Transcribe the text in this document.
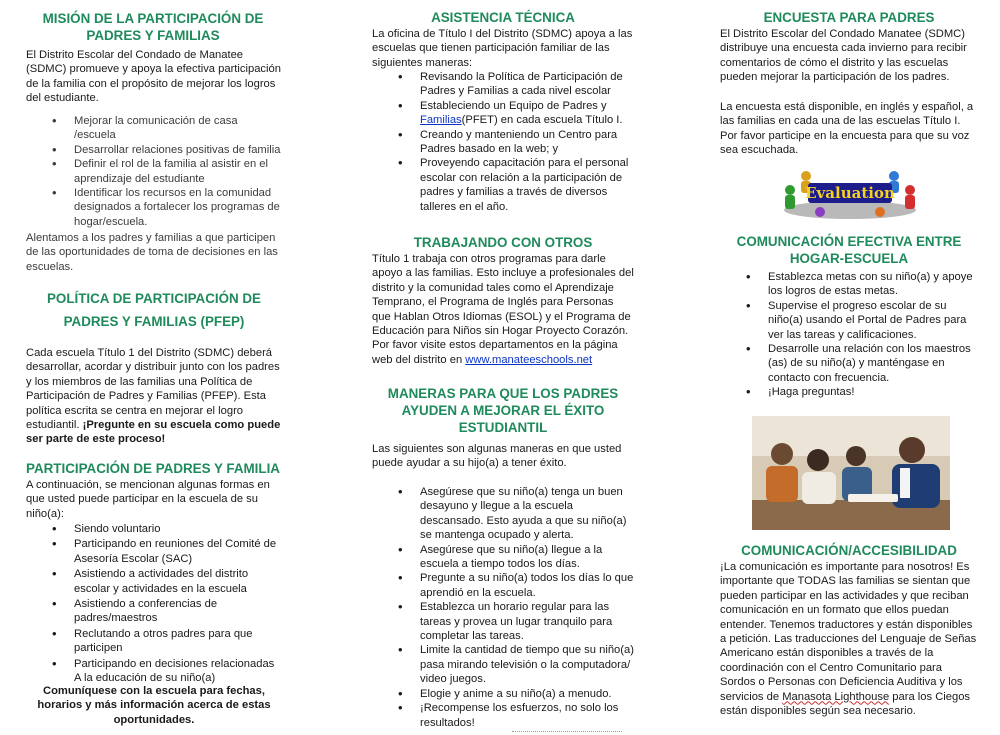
MISIÓN DE LA PARTICIPACIÓN DE PADRES Y FAMILIAS

El Distrito Escolar del Condado de Manatee (SDMC) promueve y apoya la efectiva participación de la familia con el propósito de mejorar los logros del estudiante.

• Mejorar la comunicación de casa /escuela
• Desarrollar relaciones positivas de familia
• Definir el rol de la familia al asistir en el aprendizaje del estudiante
• Identificar los recursos en la comunidad designados a fortalecer los programas de hogar/escuela.

Alentamos a los padres y familias a que participen de las oportunidades de toma de decisiones en las escuelas.

POLÍTICA DE PARTICIPACIÓN DE PADRES Y FAMILIAS (PFEP)

Cada escuela Título 1 del Distrito (SDMC) deberá desarrollar, acordar y distribuir junto con los padres y los miembros de las familias una Política de Participación de Padres y Familias (PFEP). Esta política escrita se centra en mejorar el logro estudiantil. ¡Pregunte en su escuela como puede ser parte de este proceso!

PARTICIPACIÓN DE PADRES Y FAMILIA

A continuación, se mencionan algunas formas en que usted puede participar en la escuela de su niño(a):

• Siendo voluntario
• Participando en reuniones del Comité de Asesoría Escolar (SAC)
• Asistiendo a actividades del distrito escolar y actividades en la escuela
• Asistiendo a conferencias de padres/maestros
• Reclutando a otros padres para que participen
• Participando en decisiones relacionadas A la educación de su niño(a)

Comuníquese con la escuela para fechas, horarios y más información acerca de estas oportunidades.

ASISTENCIA TÉCNICA

La oficina de Título I del Distrito (SDMC) apoya a las escuelas que tienen participación familiar de las siguientes maneras:

• Revisando la Política de Participación de Padres y Familias a cada nivel escolar
• Estableciendo un Equipo de Padres y Familias(PFET) en cada escuela Título I.
• Creando y manteniendo un Centro para Padres basado en la web; y
• Proveyendo capacitación para el personal escolar con relación a la participación de padres y familias a través de diversos talleres en el año.
TRABAJANDO CON OTROS

Título 1 trabaja con otros programas para darle apoyo a las familias. Esto incluye a profesionales del distrito y la comunidad tales como el Aprendizaje Temprano, el Programa de Inglés para Personas que Hablan Otros Idiomas (ESOL) y el Programa de Educación para Niños sin Hogar Proyecto Corazón. Por favor visite estos departamentos en la página web del distrito en www.manateeschools.net

MANERAS PARA QUE LOS PADRES AYUDEN A MEJORAR EL ÉXITO ESTUDIANTIL

Las siguientes son algunas maneras en que usted puede ayudar a su hijo(a) a tener éxito.

• Asegúrese que su niño(a) tenga un buen desayuno y llegue a la escuela descansado. Esto ayuda a que su niño(a) se mantenga ocupado y alerta.
• Asegúrese que su niño(a) llegue a la escuela a tiempo todos los días.
• Pregunte a su niño(a) todos los días lo que aprendió en la escuela.
• Establezca un horario regular para las tareas y provea un lugar tranquilo para completar las tareas.
• Limite la cantidad de tiempo que su niño(a) pasa mirando televisión o la computadora/ video juegos.
• Elogie y anime a su niño(a) a menudo.
• ¡Recompense los esfuerzos, no solo los resultados!
ENCUESTA PARA PADRES

El Distrito Escolar del Condado Manatee (SDMC) distribuye una encuesta cada invierno para recibir comentarios de cómo el distrito y las escuelas pueden mejorar la participación de los padres.

La encuesta está disponible, en inglés y español, a las familias en cada una de las escuelas Título I. Por favor participe en la encuesta para que su voz sea escuchada.

Evaluation
COMUNICACIÓN EFECTIVA ENTRE HOGAR-ESCUELA
• Establezca metas con su niño(a) y apoye los logros de estas metas.
• Supervise el progreso escolar de su niño(a) usando el Portal de Padres para ver las tareas y calificaciones.
• Desarrolle una relación con los maestros (as) de su niño(a) y manténgase en contacto con frecuencia.
• ¡Haga preguntas!
COMUNICACIÓN/ACCESIBILIDAD

¡La comunicación es importante para nosotros! Es importante que TODAS las familias se sientan que pueden participar en las actividades y que reciban comunicación en un formato que ellos puedan entender. Tenemos traductores y están disponibles a petición. Las traducciones del Lenguaje de Señas Americano están disponibles a través de la coordinación con el Centro Comunitario para Sordos o Personas con Deficiencia Auditiva y los servicios de Manasota Lighthouse para los Ciegos están disponibles según sea necesario.
